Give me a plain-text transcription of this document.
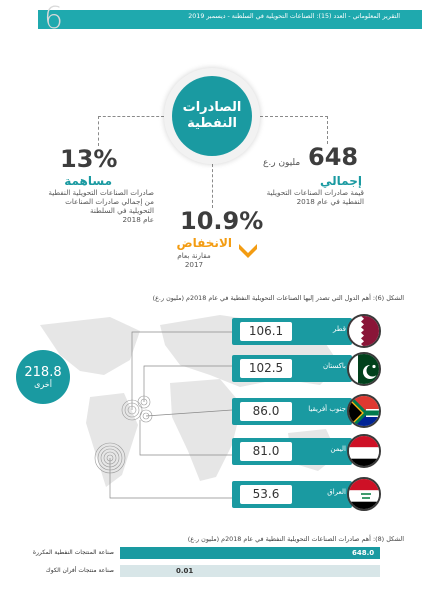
6	التقرير المعلوماتي - العدد (15): الصناعات التحويلية في السلطنة - ديسمبر 2019
الصادرات
النفطية
13%
مساهمة
صادرات الصناعات التحويلية النفطية
من إجمالي صادرات الصناعات
التحويلية في السلطنة
عام 2018
648
مليون ر.ع
إجمالي
قيمة صادرات الصناعات التحويلية
النفطية في عام 2018
10.9%
الانخفاض
مقارنة بعام
2017
الشكل (6): أهم الدول التي تصدر إليها الصناعات التحويلية النفطية في عام 2018م (مليون ر.ع)
218.8
أخرى
106.1	قطر
102.5	باكستان
86.0	جنوب أفريقيا
81.0	اليمن
53.6	العراق
الشكل (8): أهم صادرات الصناعات التحويلية النفطية في عام 2018م (مليون ر.ع)
صناعة المنتجات النفطية المكررة	648.0
صناعة منتجات أفران الكوك	0.01
